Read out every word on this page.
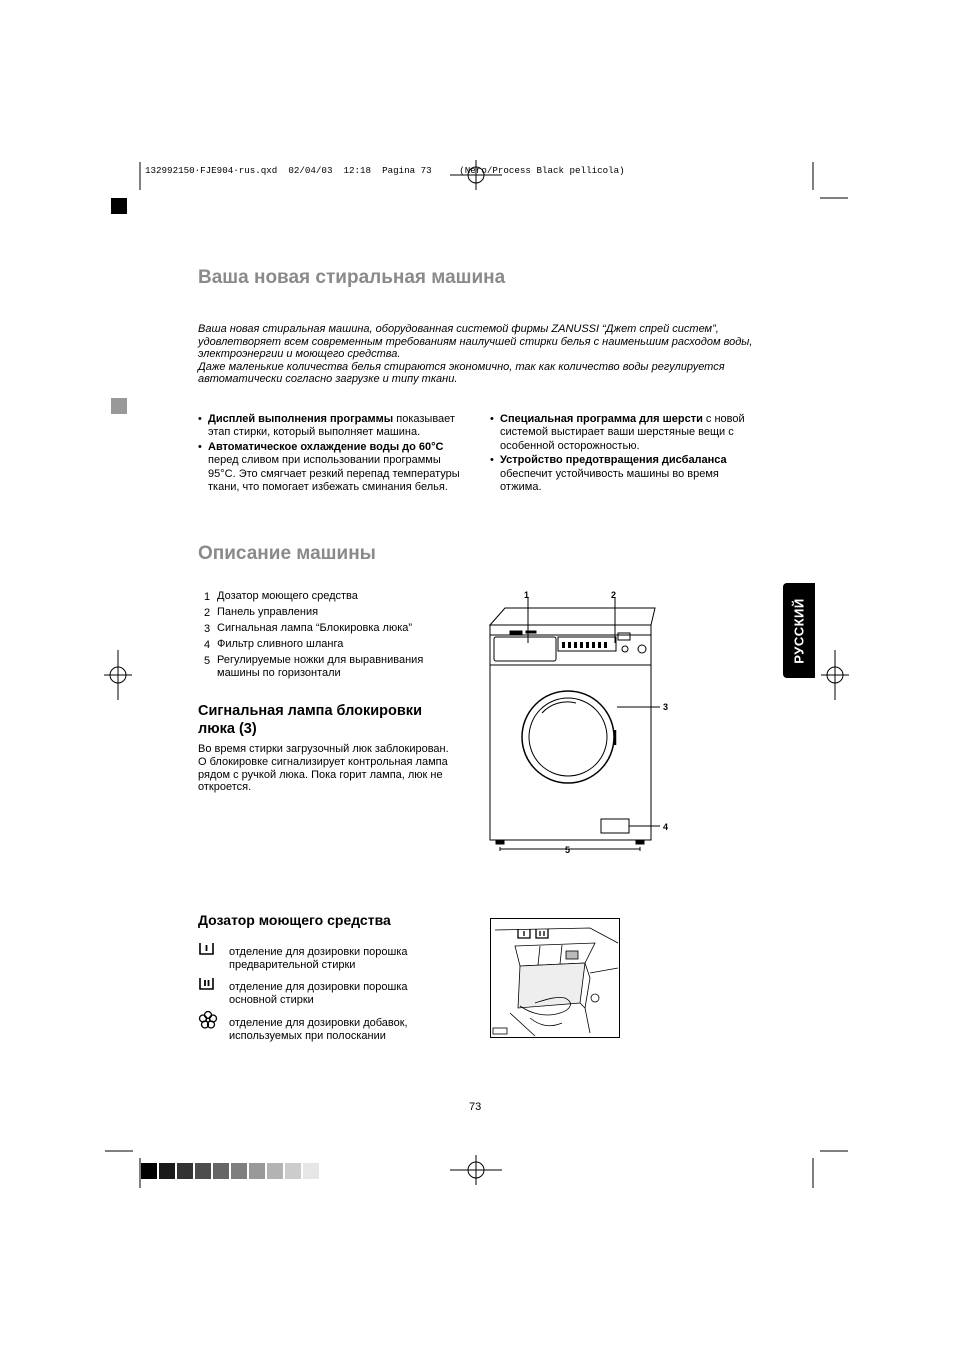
132992150·FJE904·rus.qxd  02/04/03  12:18  Pagina 73     (Nero/Process Black pellicola)
Ваша новая стиральная машина

Ваша новая стиральная машина, оборудованная системой фирмы ZANUSSI “Джет спрей систем”, удовлетворяет всем современным требованиям наилучшей стирки белья с наименьшим расходом воды, электроэнергии и моющего средства.

Даже маленькие количества белья стираются экономично, так как количество воды регулируется автоматически согласно загрузке и типу ткани.

• Дисплей выполнения программы показывает этап стирки, который выполняет машина.
• Автоматическое охлаждение воды до 60°C перед сливом при использовании программы 95°C. Это смягчает резкий перепад температуры ткани, что помогает избежать сминания белья.
• Специальная программа для шерсти с новой системой выстирает ваши шерстяные вещи с особенной осторожностью.
• Устройство предотвращения дисбаланса обеспечит устойчивость машины во время отжима.
Описание машины
1 Дозатор моющего средства
2 Панель управления
3 Сигнальная лампа “Блокировка люка”
4 Фильтр сливного шланга
5 Регулируемые ножки для выравнивания машины по горизонтали
Сигнальная лампа блокировки люка (3)
Во время стирки загрузочный люк заблокирован. О блокировке сигнализирует контрольная лампа рядом с ручкой люка. Пока горит лампа, люк не откроется.
1	2
3
4
5
РУССКИЙ
Дозатор моющего средства
отделение для дозировки порошка предварительной стирки
отделение для дозировки порошка основной стирки
отделение для дозировки добавок, используемых при полоскании
73
